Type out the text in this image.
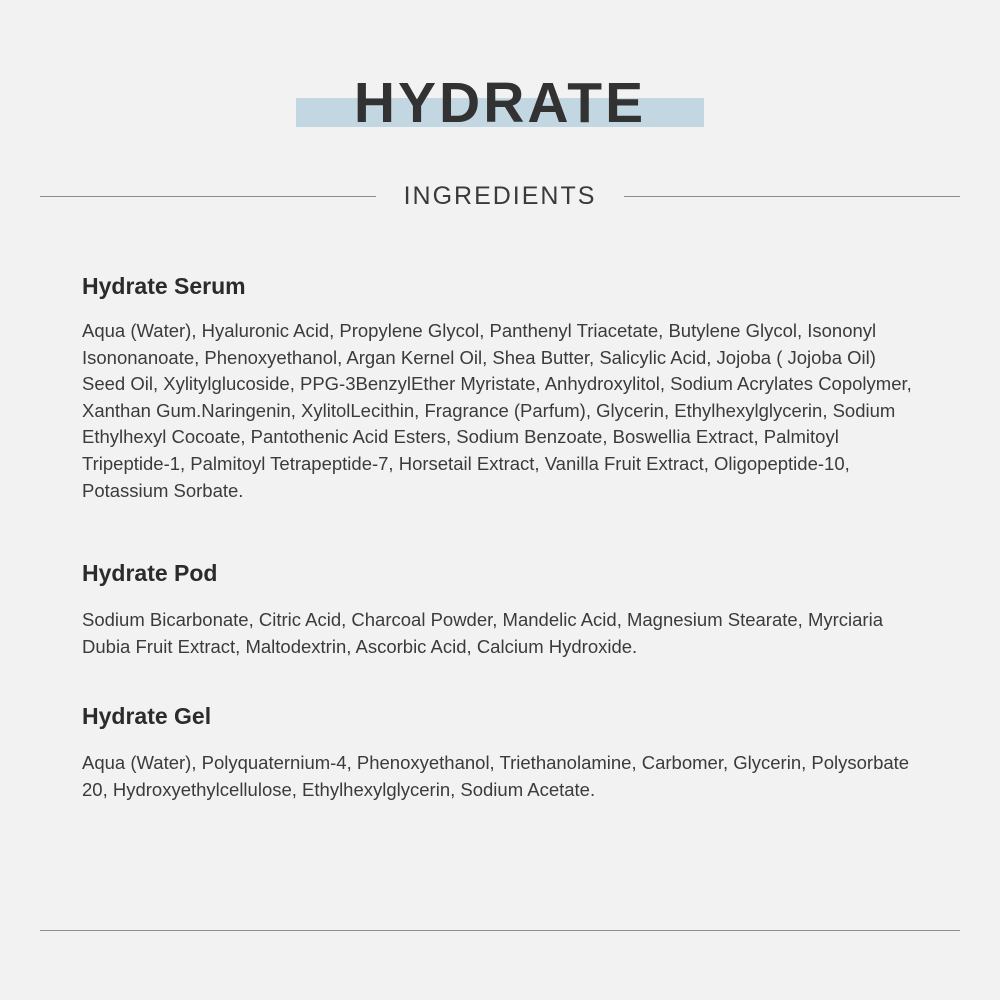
HYDRATE
INGREDIENTS
Hydrate Serum

Aqua (Water), Hyaluronic Acid, Propylene Glycol, Panthenyl Triacetate, Butylene Glycol, Isononyl Isononanoate, Phenoxyethanol, Argan Kernel Oil, Shea Butter, Salicylic Acid, Jojoba ( Jojoba Oil) Seed Oil, Xylitylglucoside, PPG-3BenzylEther Myristate, Anhydroxylitol, Sodium Acrylates Copolymer, Xanthan Gum.Naringenin, XylitolLecithin, Fragrance (Parfum), Glycerin, Ethylhexylglycerin, Sodium Ethylhexyl Cocoate, Pantothenic Acid Esters, Sodium Benzoate, Boswellia Extract, Palmitoyl Tripeptide-1, Palmitoyl Tetrapeptide-7, Horsetail Extract, Vanilla Fruit Extract, Oligopeptide-10, Potassium Sorbate.

Hydrate Pod

Sodium Bicarbonate, Citric Acid, Charcoal Powder, Mandelic Acid, Magnesium Stearate, Myrciaria Dubia Fruit Extract, Maltodextrin, Ascorbic Acid, Calcium Hydroxide.

Hydrate Gel

Aqua (Water), Polyquaternium-4, Phenoxyethanol, Triethanolamine, Carbomer, Glycerin, Polysorbate 20, Hydroxyethylcellulose, Ethylhexylglycerin, Sodium Acetate.
